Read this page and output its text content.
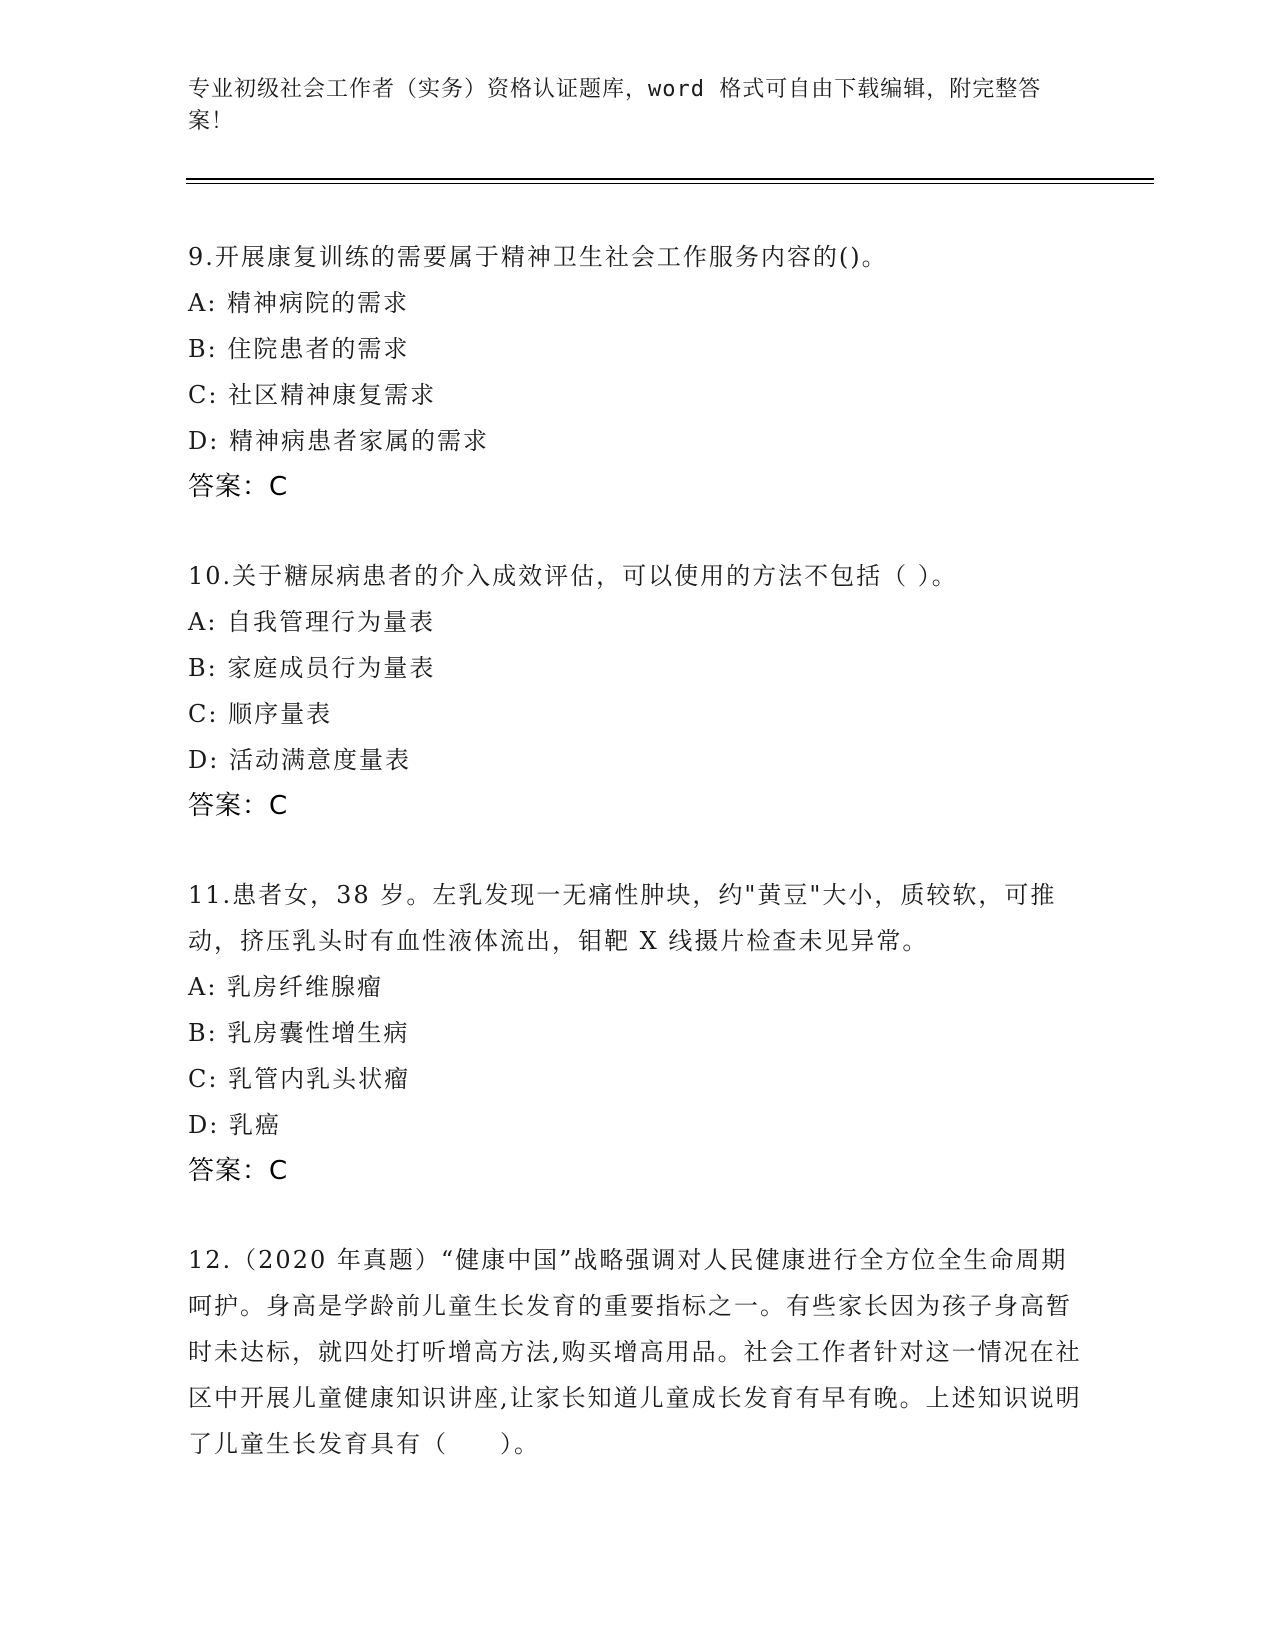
专业初级社会工作者（实务）资格认证题库，word 格式可自由下载编辑，附完整答案！
9.开展康复训练的需要属于精神卫生社会工作服务内容的()。
A: 精神病院的需求
B: 住院患者的需求
C: 社区精神康复需求
D: 精神病患者家属的需求
答案：C
10.关于糖尿病患者的介入成效评估，可以使用的方法不包括（ ）。
A: 自我管理行为量表
B: 家庭成员行为量表
C: 顺序量表
D: 活动满意度量表
答案：C
11.患者女，38 岁。左乳发现一无痛性肿块，约"黄豆"大小，质较软，可推动，挤压乳头时有血性液体流出，钼靶 X 线摄片检查未见异常。
A: 乳房纤维腺瘤
B: 乳房囊性增生病
C: 乳管内乳头状瘤
D: 乳癌
答案：C
12.（2020 年真题）“健康中国”战略强调对人民健康进行全方位全生命周期呵护。身高是学龄前儿童生长发育的重要指标之一。有些家长因为孩子身高暂时未达标，就四处打听增高方法,购买增高用品。社会工作者针对这一情况在社区中开展儿童健康知识讲座,让家长知道儿童成长发育有早有晚。上述知识说明了儿童生长发育具有（　　）。
